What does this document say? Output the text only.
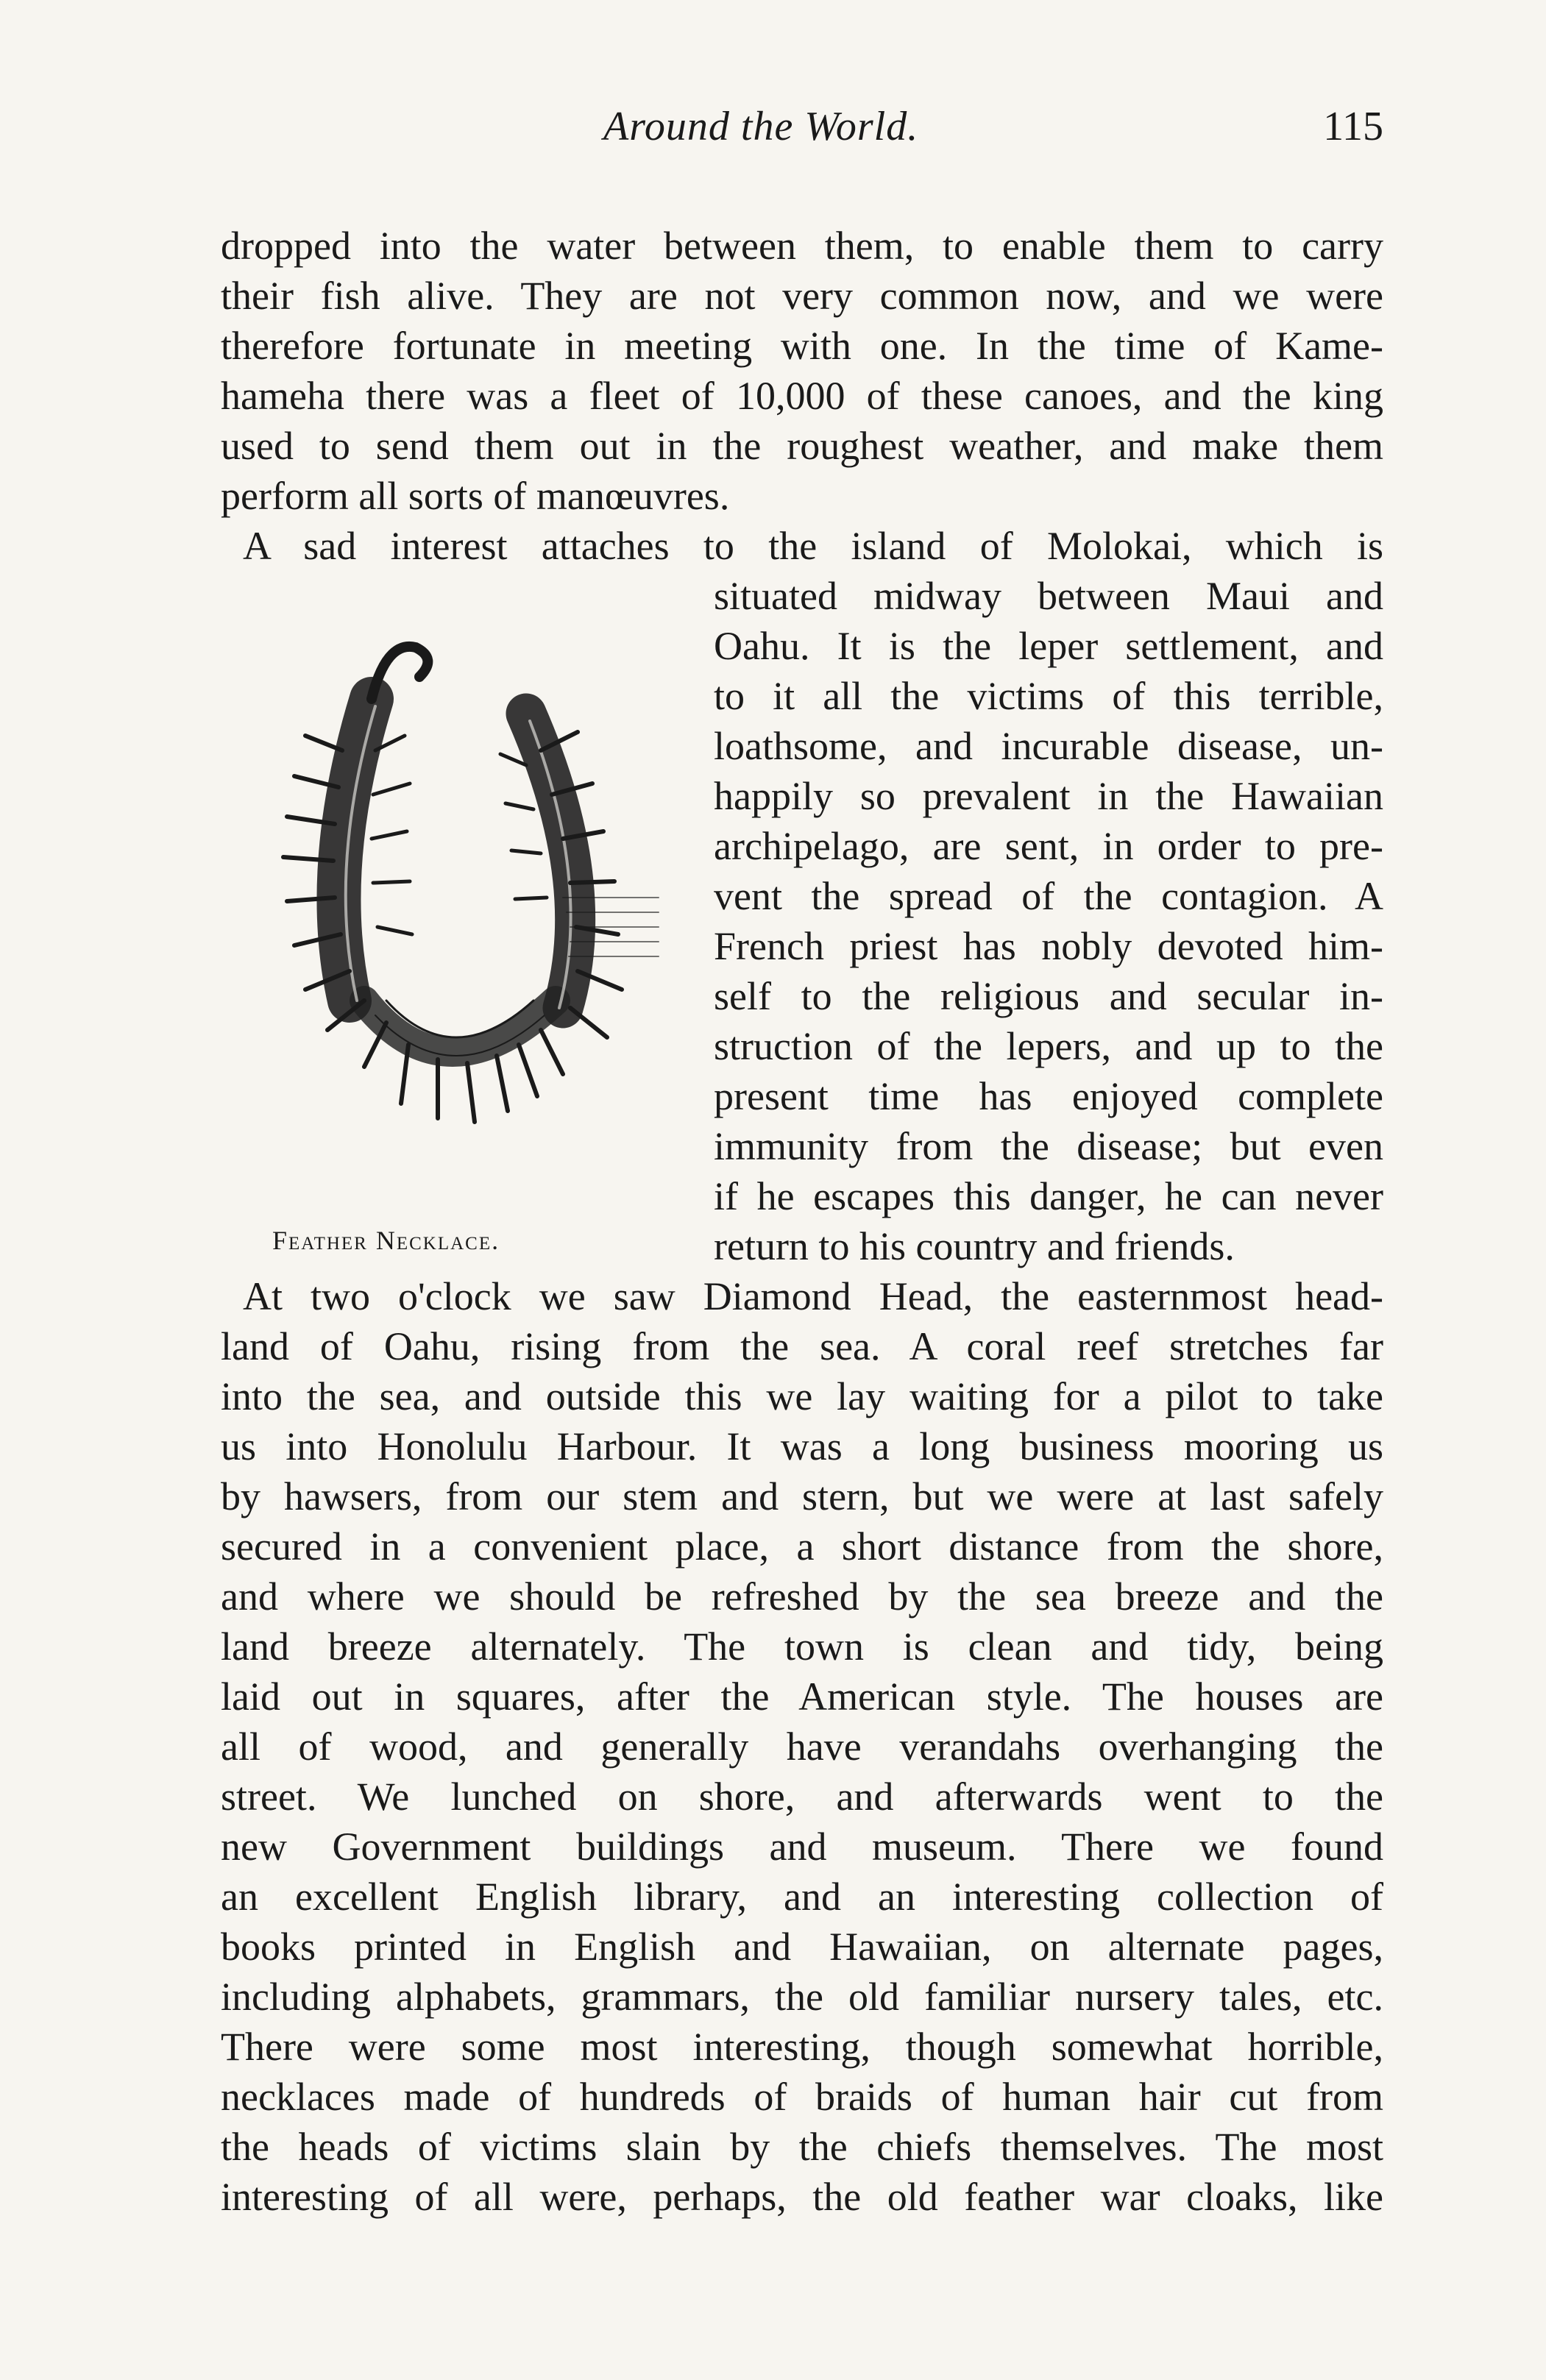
Around the World.	115
dropped into the water between them, to enable them to carry
their fish alive. They are not very common now, and we were
therefore fortunate in meeting with one. In the time of Kame-
hameha there was a fleet of 10,000 of these canoes, and the king
used to send them out in the roughest weather, and make them
perform all sorts of manœuvres.
A sad interest attaches to the island of Molokai, which is
situated midway between Maui and
Oahu. It is the leper settlement, and
to it all the victims of this terrible,
loathsome, and incurable disease, un-
happily so prevalent in the Hawaiian
archipelago, are sent, in order to pre-
vent the spread of the contagion. A
French priest has nobly devoted him-
self to the religious and secular in-
struction of the lepers, and up to the
present time has enjoyed complete
immunity from the disease; but even
if he escapes this danger, he can never
return to his country and friends.
Feather Necklace.
At two o'clock we saw Diamond Head, the easternmost head-
land of Oahu, rising from the sea. A coral reef stretches far
into the sea, and outside this we lay waiting for a pilot to take
us into Honolulu Harbour. It was a long business mooring us
by hawsers, from our stem and stern, but we were at last safely
secured in a convenient place, a short distance from the shore,
and where we should be refreshed by the sea breeze and the
land breeze alternately. The town is clean and tidy, being
laid out in squares, after the American style. The houses are
all of wood, and generally have verandahs overhanging the
street. We lunched on shore, and afterwards went to the
new Government buildings and museum. There we found
an excellent English library, and an interesting collection of
books printed in English and Hawaiian, on alternate pages,
including alphabets, grammars, the old familiar nursery tales, etc.
There were some most interesting, though somewhat horrible,
necklaces made of hundreds of braids of human hair cut from
the heads of victims slain by the chiefs themselves. The most
interesting of all were, perhaps, the old feather war cloaks, like
